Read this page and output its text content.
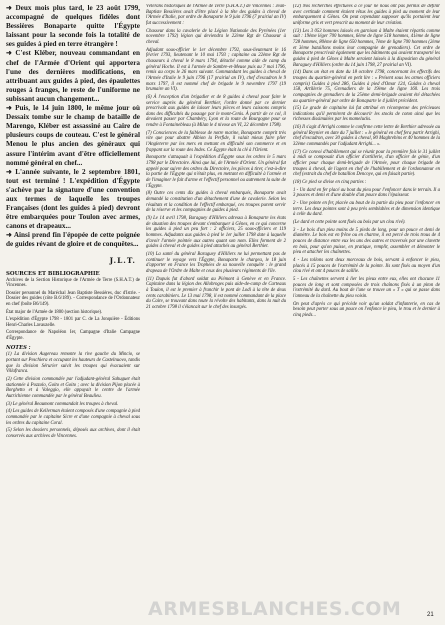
➜ Deux mois plus tard, le 23 août 1799, accompagné de quelques fidèles dont Bessières Bonaparte quitte l'Égypte laissant pour la seconde fois la totalité de ses guides à pied en terre étrangère !

➜ C'est Kléber, nouveau commandant en chef de l'Armée d'Orient qui apportera l'une des dernières modifications, en attribuant aux guides à pied, des épaulettes rouges à franges, le reste de l'uniforme ne subissant aucun changement...

➜ Puis, le 14 juin 1800, le même jour où Dessaix tombe sur le champ de bataille de Marengo, Kléber est assassiné au Caire de plusieurs coups de couteau. C'est le général Menou le plus ancien des généraux qui assure l'intérim avant d'être officiellement nommé général en chef...

➜ L'année suivante, le 2 septembre 1801, tout est terminé ! L'expédition d'Égypte s'achève par la signature d'une convention aux termes de laquelle les troupes Françaises (dont les guides à pied) devront être embarquées pour Toulon avec armes, canons et drapeaux...

➜ Ainsi prend fin l'épopée de cette poignée de guides révant de gloire et de conquêtes...

J.L.T.
SOURCES ET BIBLIOGRAPHIE

Archives de la Section Historique de l'Armée de Terre (S.H.A.T.) de Vincennes.

Dossier personnel du Maréchal Jean Baptiste Bessières, duc d'Istrie. - Dossier des guides (côte B.6/189). - Correspondance de l'Ordonnateur en chef (boîte B6/149).

État major de l'Armée de 1800 (section historique).

L'expédition d'Égypte 1798 - 1801 par C. de La Jonquière - Éditions Henri-Charles Lavauzelle.

Correspondance de Napoléon Ier, Campagne d'Italie Campagne d'Égypte.

NOTES :

(1) La division Augereau remonte la rive gauche du Mincio, se portant sur Peschiera et occupant les hauteurs de Castelnuovo, tandis que la division Sérurier suivit les troupes qui évacuaient sur Villafranca.

(2) Cette division commandée par l'adjudant-général Sahuguet était stationnée à Pozzolo, Goito et Goito ; avec la division Pijon placée à Borghetto et à Valeggio, elle appuyait le centre de l'armée Autrichienne commandée par le général Beaulieu.

(3) Le général Beaumont commandait les troupes à cheval.

(4) Les guides de Kellerman étaient composés d'une compagnie à pied commandée par le capitaine Sicre et d'une compagnie à cheval sous les ordres du capitaine Coral.

(5) Selon les dossiers personnels, déposés aux archives, dont il était conservés aux archives de Vincennes.

Vétérans historiques de l'Armée de Terre (S.H.A.T.) de Vincennes : Jean-Baptiste Bessières avait d'être placé à la tête des guides à cheval de l'Armée d'Italie, par ordre de Bonaparte le 9 juin 1796 (7 prairial an IV) fut successivement :

Chasseur dans la cavalerie de la Légion Nationale des Pyrénées (1er novembre 1792) légion qui deviendra le 22ème Rgt de Chasseur à cheval.

Adjudant sous-officier le 1er décembre 1792, sous-lieutenant le 16 février 1793, lieutenant le 10 mai 1793 ; capitaine au 22ème Rgt de chasseurs à cheval le 8 mars 1794, détaché comme aide de camp du général Hoche. Il est à l'armée de Sambre-et-Meuse puis au 7 mai 1796, remis au corps le 26 mars suivant. Commandant les guides à cheval de l'Armée d'Italie le 9 juin 1796 (17 prairial an IV), chef d'escadron le 9 mars 1797, il est nommé chef de brigade le 9 novembre 1797 (19 brumaire an VI).

(6) À l'exception d'un brigadier et de 8 guides à cheval pour faire le service auprès du général Berthier, l'ordre donné par ce dernier prescrivait aux guides de laisser leurs pièces et leurs caissons compris dans des difficultés du passage par le mont-Cenis. À partir de ce col, il devaient passer par Chambéry, Lyon et la route de Bourgogne pour se rendre à Fontainebleau (à Milan le 4 nivose an VI, 22 décembre 1798).

(7) Consciences de la faiblesse de notre marine, Bonaparte comprit très vite que pour abattre Albion la Perfide, il valait mieux faire plier l'Angleterre par les mers en mettant en difficulté son commerce et en frappant sur la route des Indes. Ce Égypte était la clé à l'Orient.

Bonaparte s'attaquait à l'expédition d'Égypte sous les ordres le 5 mars 1798 par le Directoire. Ainsi que lui, de l'Armée d'Orient. Un général fut appelé pour suivre des ordres du Directoire, les pièces à tirer, c'est-à-dire la partie de l'Égypte qui n'était plus, en mettant en difficulté à l'armée et de l'imaginer le fait d'arme et l'effectif personnel ou autrement la suite de l'Égypte.

(8) Outre ces cents dix guides à cheval embarqués, Bonaparte avait demandé la constitution d'un détachement d'une de cavalerie. Selon les résultats et la condition de l'effectif embarqué, ces troupes purent servir de la réserve et les compagnies de guides à pied.

(9) Le 14 avril 1798, Baraguey d'Hilliers adressa à Bonaparte les états de situation des troupes devant s'embarquer à Gênes, en ce qui concerne les guides à pied un peu fort : 2 officiers, 25 sous-officiers et 119 hommes. Adjudants aux guides à pied le 1er juillet 1798 date à laquelle d'avoir l'armée pointée aux autres quant son nom. Elles forment de 2 guides à cheval et de guides à pied attachés au général Berthier.

(10) La santé du général Baraguey d'Hilliers ne lui permettant pas de continuer le voyage vers l'Égypte, Bonaparte le chargea, le 18 juin d'apporter en France les Trophées de sa nouvelle conquête : le grand drapeau de l'Ordre de Malte et ceux des plusieurs régiments de l'île.

(11) Dupuis fut d'abord soldat au Piémont à Genève et en France. Capitaine dans la légion des Allobroges puis aide-de-camp de Carteaux à Toulon, il est le premier à franchir le pont de Lodi à la tête de deux cents carabiniers. Le 13 mai 1798, il est nommé commandant de la place du Caire, se trouvant dans toute la révolte des habitants, dans la nuit du 21 octobre 1798 il s'élancait sur le chef des insurgés.

(12) Nos recherches effectuées à ce jour ne nous ont pas permis de définir avec certitude comment étaient vêtus les guides à pied au moment de leur embarquement à Gênes. On peut cependant supposer qu'ils portaient leur uniforme gris et vert prescrit au moment de leur création.

(13) Les 3 053 hommes laissés en garnison à Malte étaient répartis comme suit : 19ème léger 700 hommes, 6ème de ligne 518 hommes, 41ème de ligne 728 hommes, 80ème de ligne 650 hommes, 7ème de ligne 700 hommes (2ème et 3ème bataillons moins leur compagnie de grenadiers). Cet ordre de Bonaparte prescrivait également que les bâtiments qui avaient transporté les guides à pied de Gênes à Malte seraient laissés à la disposition du général Baraguey d'Hilliers (ordre du 14 juin 1798, 27 prairial an VI).

(14) Dans un état en date du 18 octobre 1798, concernant les effectifs des troupes du quartier-général en petit lire : « Présent sous les armes officiers compris) Guides à pied 286, Guides à pied d'Omar 124, Guides à cheval 158, Artillerie 75, Grenadiers de la 19ème de ligne 160. Les trois compagnies de grenadiers de la 25ème demi-brigade avaient été détachées au quartier-général par ordre de Bonaparte le 4 juillet précédent.

(15) Le grade de capitaine lui fut attribué en récompense des précieuses indications qu'il permirent de découvrir les stocks de coton ainsi que les richesses dissimulées par les mamelucks.

(16) Il s'agit d'Arrighi comme le confirme cette lettre de Berthier adressée au général Reynier en date du 7 juillet : « le général en chef fera partir Arrighi, chef d'escadron, avec 30 guides à cheval, 80 Maghrebins et 40 hommes de la 32ème commandés par l'adjudant Arrighi... ».

(17) Ce convoi d'habillement qui se réunit pour la première fois le 31 juillet à midi se composait d'un officier d'artillerie, d'un officier de génie, d'un officier pour chaque demi-brigade de l'Armée, pour chaque brigade de troupes à cheval, de l'agent en chef de l'habillement et de l'ordonnateur en chef (extrait du chef de bataillon Dencoye, qui en faisait partie).

(18) Ce pied se divise en cinq parties :

1 - Un dard en fer placé au bout du pieu pour l'enfoncer dans le terrain. Il a 3 pouces et demi et d'une double d'un pouce dans l'épaisseur.

2 - Une pointe en fer, placée au bout de la partie du pieu pour l'enfoncer en terre. Les deux pointes sont à peu près semblables et de dimension identique à celle du dard.

(Le dard et cette pointe sont fixés au bois par un clou rivé).

3 - Le bois d'un pieu moins de 5 pieds de long, pour un pouce et demi de diamètre. Le bois est en frêne ou en charme, il est percé de trois trous de 4 pouces de distance entre eux les uns des autres et traversés par une clavette en bois, pour qu'on puisse, en pratique, remplir, assembler et démonter le pieu et attacher les chaînettes.

4 - Les tollons sont deux morceaux de bois, servant à enfoncer le pieu, placés à 15 pouces de l'extrémité de la pointe. Ils sont fixés au moyen d'un clou rivé et ont 4 pouces de saillie.

5 - Les chaînettes servent à lier les pieux entre eux, elles ont chacune 11 pouces de long et sont composées de trois chaînons fixés à un piton de l'extrémité du dard. Au bout de l'une se trouve un « T » qui se passe dans l'anneau de la chaînette du pieu voisin.

On peut d'après ce qui précède voir qu'un soldat d'infanterie, en cas de besoin peut porter sous un pouce on l'enfonce le pieu, le trou et le dernier à cinq pieds...

ARMESBLANCHES.COM	21
